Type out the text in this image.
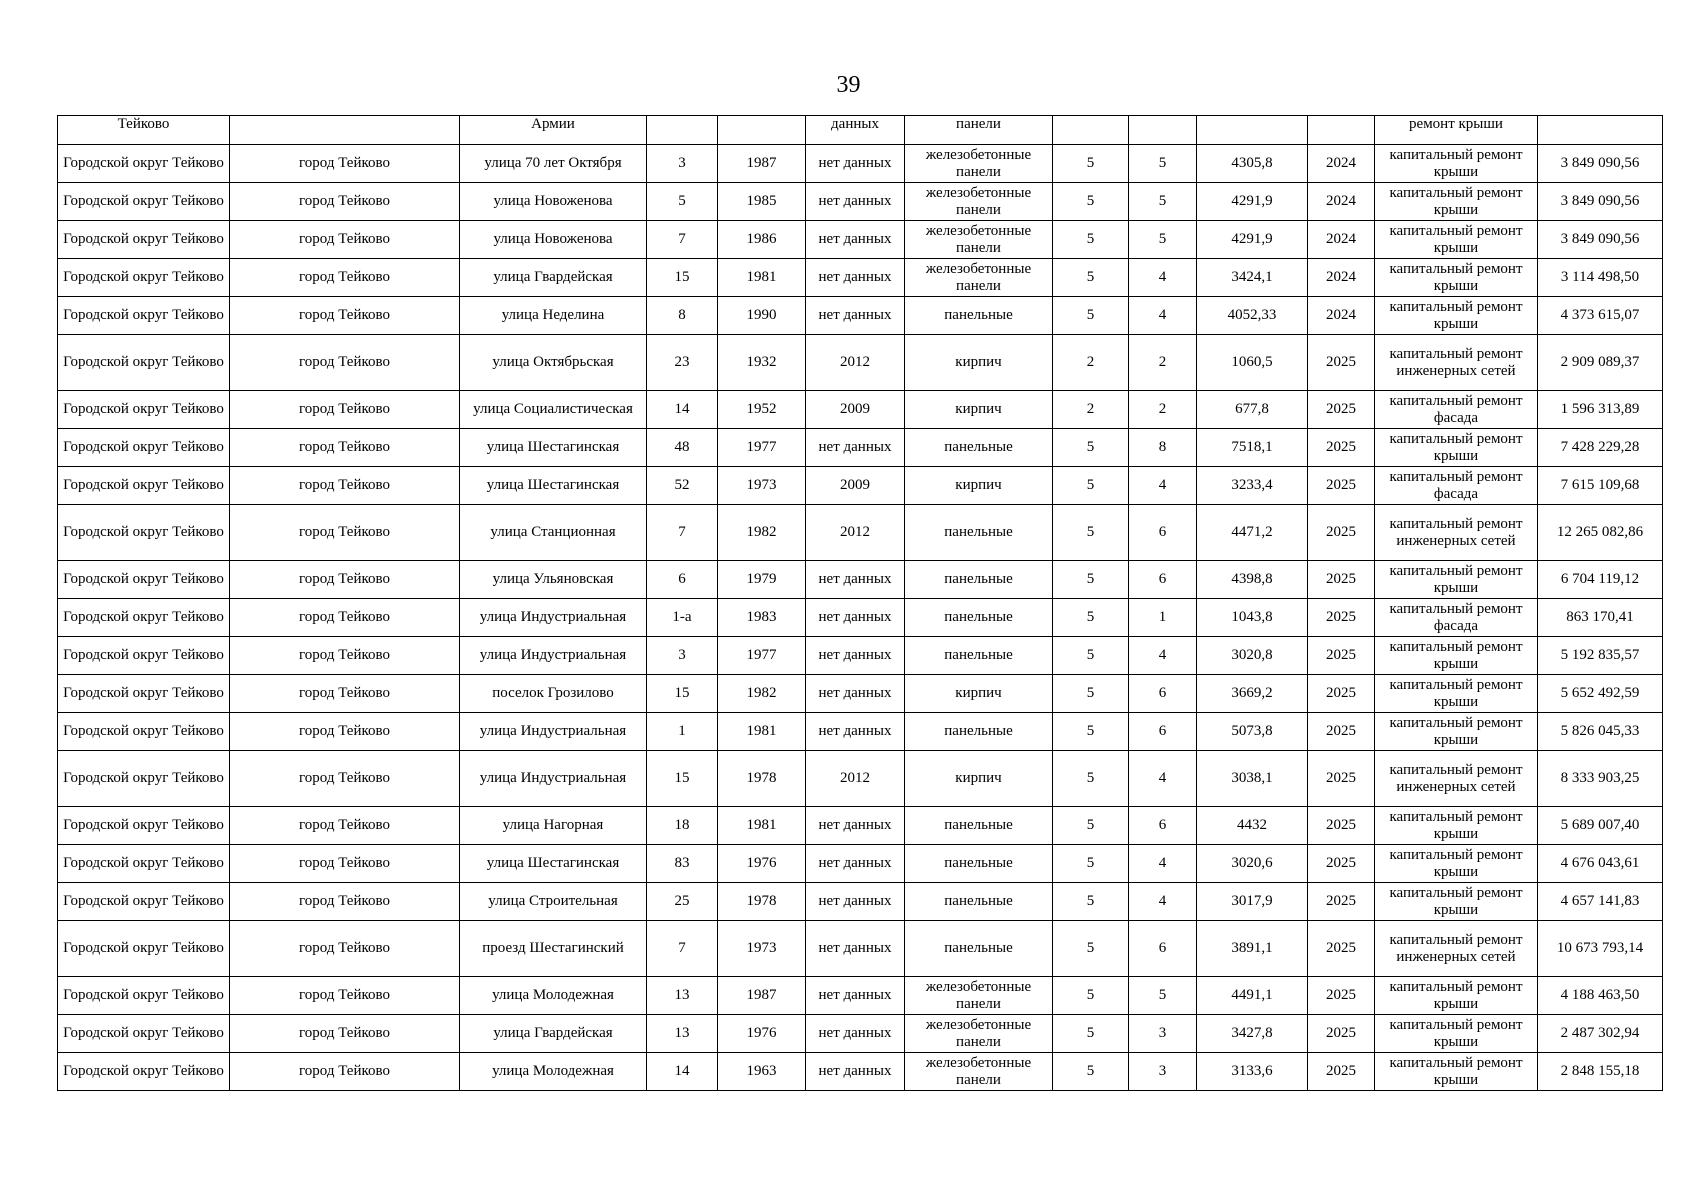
39
Тейково		Армии			данных	панели					ремонт крыши	
Городской округ Тейково	город Тейково	улица 70 лет Октября	3	1987	нет данных	железобетонные панели	5	5	4305,8	2024	капитальный ремонт крыши	3 849 090,56
Городской округ Тейково	город Тейково	улица Новоженова	5	1985	нет данных	железобетонные панели	5	5	4291,9	2024	капитальный ремонт крыши	3 849 090,56
Городской округ Тейково	город Тейково	улица Новоженова	7	1986	нет данных	железобетонные панели	5	5	4291,9	2024	капитальный ремонт крыши	3 849 090,56
Городской округ Тейково	город Тейково	улица Гвардейская	15	1981	нет данных	железобетонные панели	5	4	3424,1	2024	капитальный ремонт крыши	3 114 498,50
Городской округ Тейково	город Тейково	улица Неделина	8	1990	нет данных	панельные	5	4	4052,33	2024	капитальный ремонт крыши	4 373 615,07
Городской округ Тейково	город Тейково	улица Октябрьская	23	1932	2012	кирпич	2	2	1060,5	2025	капитальный ремонт инженерных сетей	2 909 089,37
Городской округ Тейково	город Тейково	улица Социалистическая	14	1952	2009	кирпич	2	2	677,8	2025	капитальный ремонт фасада	1 596 313,89
Городской округ Тейково	город Тейково	улица Шестагинская	48	1977	нет данных	панельные	5	8	7518,1	2025	капитальный ремонт крыши	7 428 229,28
Городской округ Тейково	город Тейково	улица Шестагинская	52	1973	2009	кирпич	5	4	3233,4	2025	капитальный ремонт фасада	7 615 109,68
Городской округ Тейково	город Тейково	улица Станционная	7	1982	2012	панельные	5	6	4471,2	2025	капитальный ремонт инженерных сетей	12 265 082,86
Городской округ Тейково	город Тейково	улица Ульяновская	6	1979	нет данных	панельные	5	6	4398,8	2025	капитальный ремонт крыши	6 704 119,12
Городской округ Тейково	город Тейково	улица Индустриальная	1-а	1983	нет данных	панельные	5	1	1043,8	2025	капитальный ремонт фасада	863 170,41
Городской округ Тейково	город Тейково	улица Индустриальная	3	1977	нет данных	панельные	5	4	3020,8	2025	капитальный ремонт крыши	5 192 835,57
Городской округ Тейково	город Тейково	поселок Грозилово	15	1982	нет данных	кирпич	5	6	3669,2	2025	капитальный ремонт крыши	5 652 492,59
Городской округ Тейково	город Тейково	улица Индустриальная	1	1981	нет данных	панельные	5	6	5073,8	2025	капитальный ремонт крыши	5 826 045,33
Городской округ Тейково	город Тейково	улица Индустриальная	15	1978	2012	кирпич	5	4	3038,1	2025	капитальный ремонт инженерных сетей	8 333 903,25
Городской округ Тейково	город Тейково	улица Нагорная	18	1981	нет данных	панельные	5	6	4432	2025	капитальный ремонт крыши	5 689 007,40
Городской округ Тейково	город Тейково	улица Шестагинская	83	1976	нет данных	панельные	5	4	3020,6	2025	капитальный ремонт крыши	4 676 043,61
Городской округ Тейково	город Тейково	улица Строительная	25	1978	нет данных	панельные	5	4	3017,9	2025	капитальный ремонт крыши	4 657 141,83
Городской округ Тейково	город Тейково	проезд Шестагинский	7	1973	нет данных	панельные	5	6	3891,1	2025	капитальный ремонт инженерных сетей	10 673 793,14
Городской округ Тейково	город Тейково	улица Молодежная	13	1987	нет данных	железобетонные панели	5	5	4491,1	2025	капитальный ремонт крыши	4 188 463,50
Городской округ Тейково	город Тейково	улица Гвардейская	13	1976	нет данных	железобетонные панели	5	3	3427,8	2025	капитальный ремонт крыши	2 487 302,94
Городской округ Тейково	город Тейково	улица Молодежная	14	1963	нет данных	железобетонные панели	5	3	3133,6	2025	капитальный ремонт крыши	2 848 155,18
